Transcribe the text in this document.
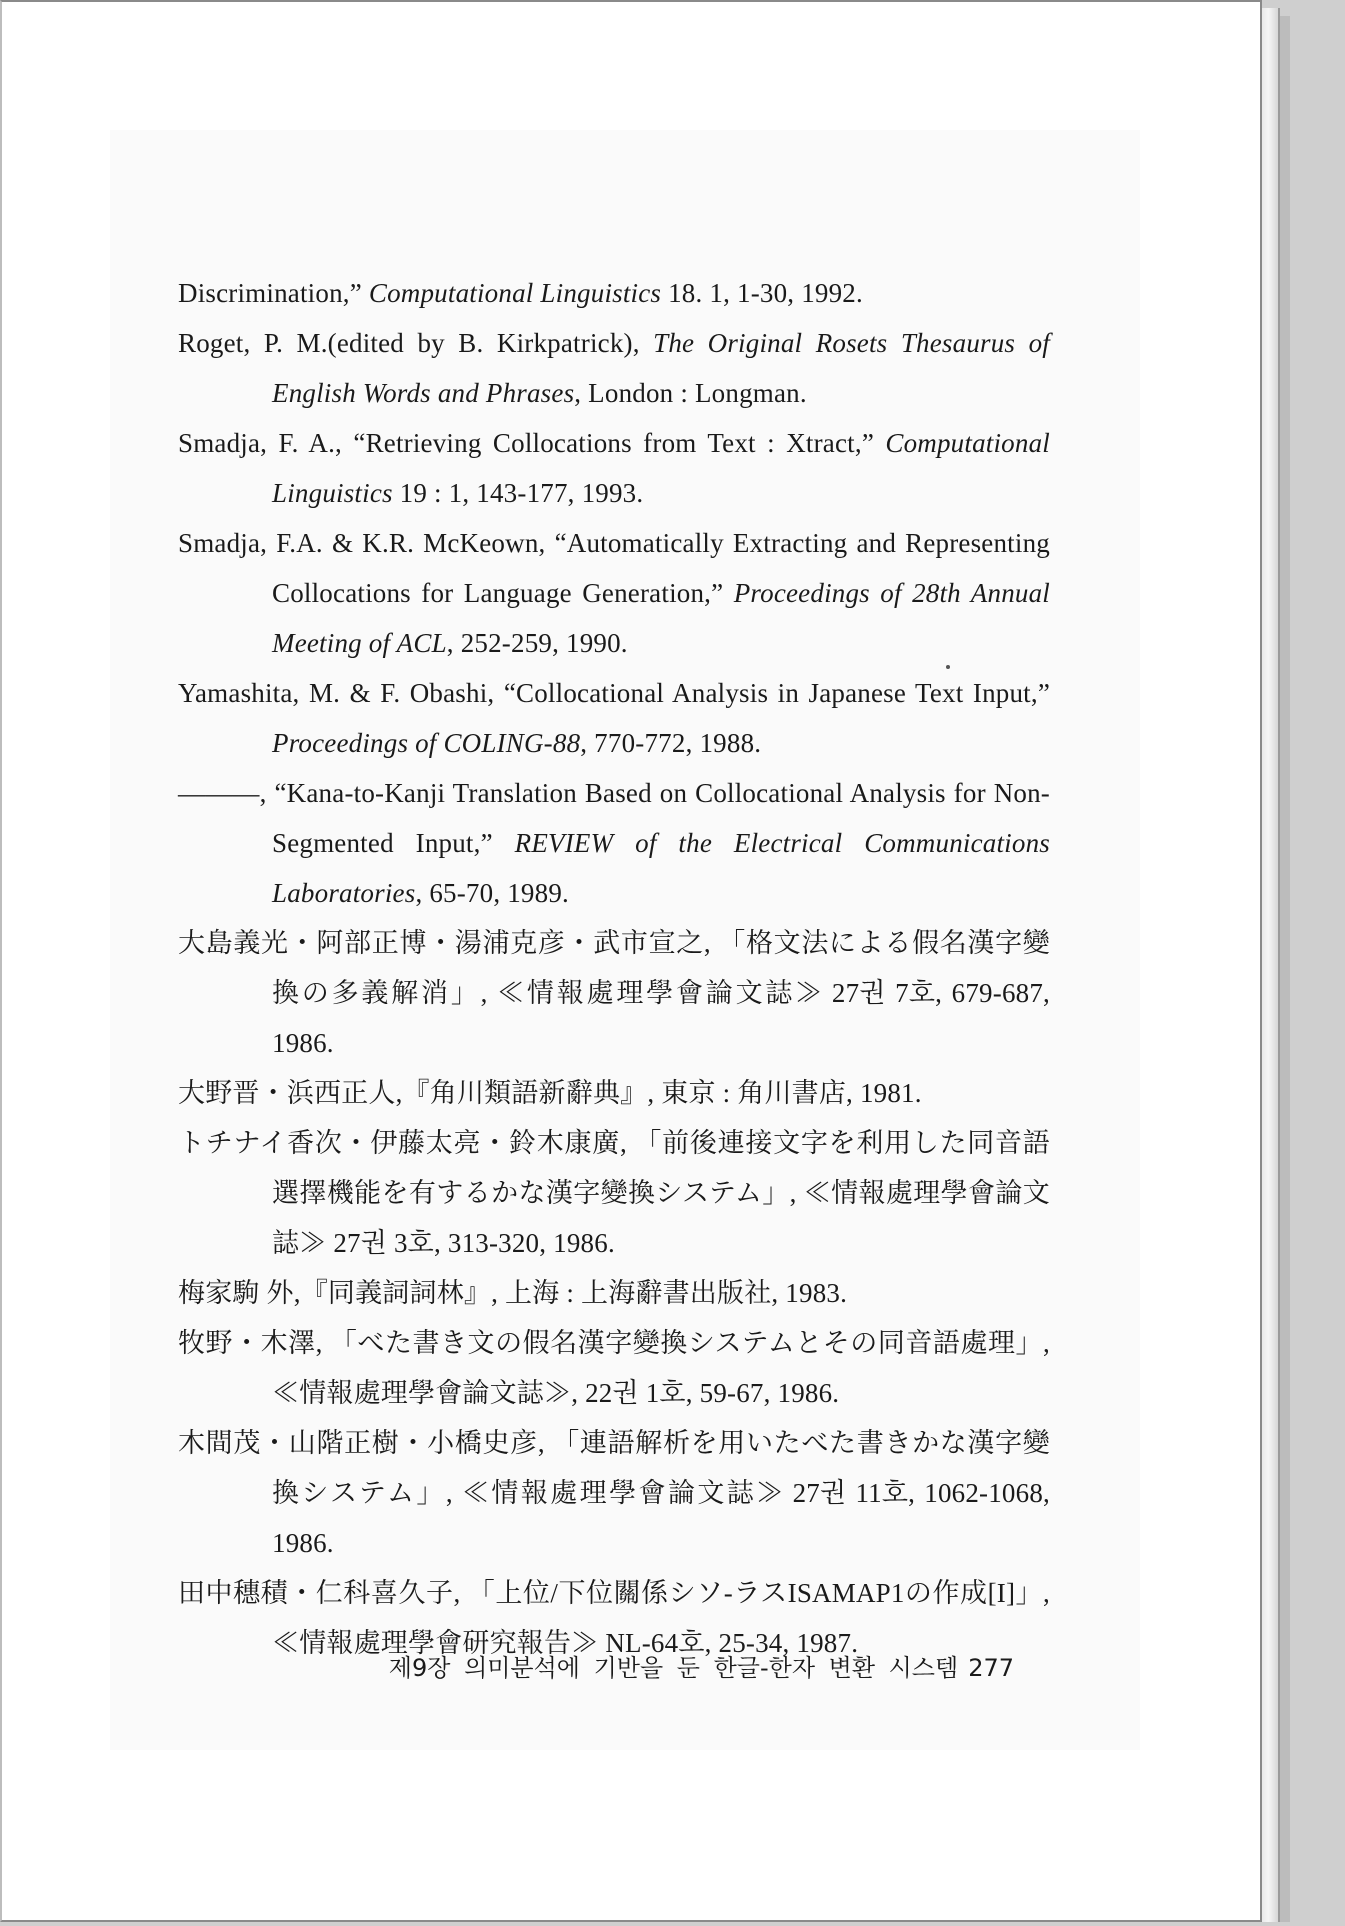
Discrimination,” Computational Linguistics 18. 1, 1-30, 1992.
Roget, P. M.(edited by B. Kirkpatrick), The Original Rosets Thesaurus of English Words and Phrases, London : Longman.
Smadja, F. A., “Retrieving Collocations from Text : Xtract,” Computational Linguistics 19 : 1, 143-177, 1993.
Smadja, F.A. & K.R. McKeown, “Automatically Extracting and Representing Collocations for Language Generation,” Proceedings of 28th Annual Meeting of ACL, 252-259, 1990.
Yamashita, M. & F. Obashi, “Collocational Analysis in Japanese Text Input,” Proceedings of COLING-88, 770-772, 1988.
———, “Kana-to-Kanji Translation Based on Collocational Analysis for Non-Segmented Input,” REVIEW of the Electrical Communications Laboratories, 65-70, 1989.
大島義光・阿部正博・湯浦克彦・武市宣之, 「格文法による假名漢字變換の多義解消」, ≪情報處理學會論文誌≫ 27권 7호, 679-687, 1986.
大野晋・浜西正人,『角川類語新辭典』, 東京 : 角川書店, 1981.
トチナイ香次・伊藤太亮・鈴木康廣, 「前後連接文字を利用した同音語選擇機能を有するかな漢字變換システム」, ≪情報處理學會論文誌≫ 27권 3호, 313-320, 1986.
梅家駒 外,『同義詞詞林』, 上海 : 上海辭書出版社, 1983.
牧野・木澤, 「べた書き文の假名漢字變換システムとその同音語處理」, ≪情報處理學會論文誌≫, 22권 1호, 59-67, 1986.
木間茂・山階正樹・小橋史彦, 「連語解析を用いたべた書きかな漢字變換システム」, ≪情報處理學會論文誌≫ 27권 11호, 1062-1068, 1986.
田中穗積・仁科喜久子, 「上位/下位關係シソ-ラスISAMAP1の作成[I]」, ≪情報處理學會研究報告≫ NL-64호, 25-34, 1987.
제9장 의미분석에 기반을 둔 한글-한자 변환 시스템 277
